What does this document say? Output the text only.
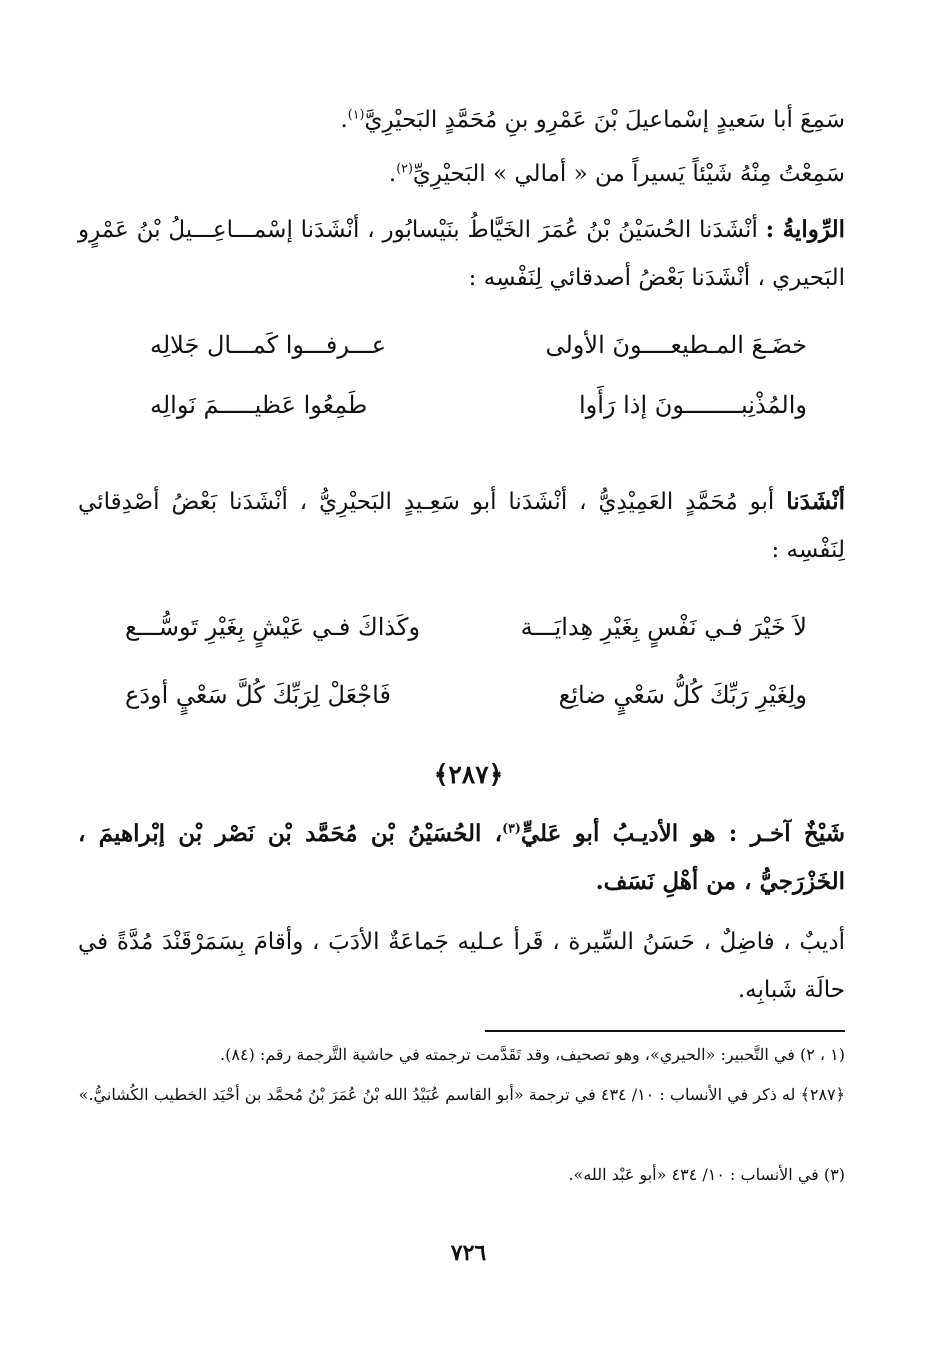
سَمِعَ أبا سَعيدٍ إسْماعيلَ بْنَ عَمْرِو بنِ مُحَمَّدٍ البَحيْرِيَّ$^{(١)}$.
سَمِعْتُ مِنْهُ شَيْئاً يَسيراً من « أمالي » البَحيْرِيِّ$^{(٢)}$.
الرِّوايةُ : أنْشَدَنا الحُسَيْنُ بْنُ عُمَرَ الخَيَّاطُ بنَيْسابُور ، أنْشَدَنا إسْمـــاعِـــيلُ بْنُ عَمْرٍو البَحيري ، أنْشَدَنا بَعْضُ أصدقائي لِنَفْسِه :
خضَـعَ المـطيعــــونَ الأولى
عـــرفـــوا كَمـــال جَلالِه
والمُذْنِبــــــــونَ إذا رَأَوا
طَمِعُوا عَظيـــــمَ نَوالِه
أنْشَدَنا أبو مُحَمَّدٍ العَمِيْدِيُّ ، أنْشَدَنا أبو سَعِـيدٍ البَحيْرِيُّ ، أنْشَدَنا بَعْضُ أصْدِقائي لِنَفْسِه :
لاَ خَيْرَ فـي نَفْسٍ بِغَيْرِ هِدايَـــة
وكَذاكَ فـي عَيْشٍ بِغَيْرِ تَوسُّـــع
ولِغَيْرِ رَبِّكَ كُلُّ سَعْيٍ ضائِع
فَاجْعَلْ لِرَبِّكَ كُلَّ سَعْيٍ أودَع
﴿٢٨٧﴾
شَيْخٌ آخـر : هو الأديـبُ أبو عَليٍّ$^{(٣)}$، الحُسَيْنُ بْن مُحَمَّد بْن نَصْر بْن إبْراهيمَ ، الخَزْرَجيُّ ، من أهْلِ نَسَف.
أديبٌ ، فاضِلٌ ، حَسَنُ السِّيرة ، قَرأ عـليه جَماعَةٌ الأدَبَ ، وأقامَ بِسَمَرْقَنْدَ مُدَّةً في حالَة شَبابِه.
(١ ، ٢) في التَّحبير: «الحيري»، وهو تصحيف، وقد تَقَدَّمت ترجمته في حاشية التَّرجمة رقم: (٨٤).
﴿٢٨٧﴾ له ذكر في الأنساب : ١٠/ ٤٣٤ في ترجمة «أبو القاسم عُبَيْدُ الله بْنُ عُمَرَ بْنُ مُحمَّد بن أحْيَد الخطيب الكُشانيُّ.»
(٣) في الأنساب : ١٠/ ٤٣٤ «أبو عَبْد الله».
٧٢٦
